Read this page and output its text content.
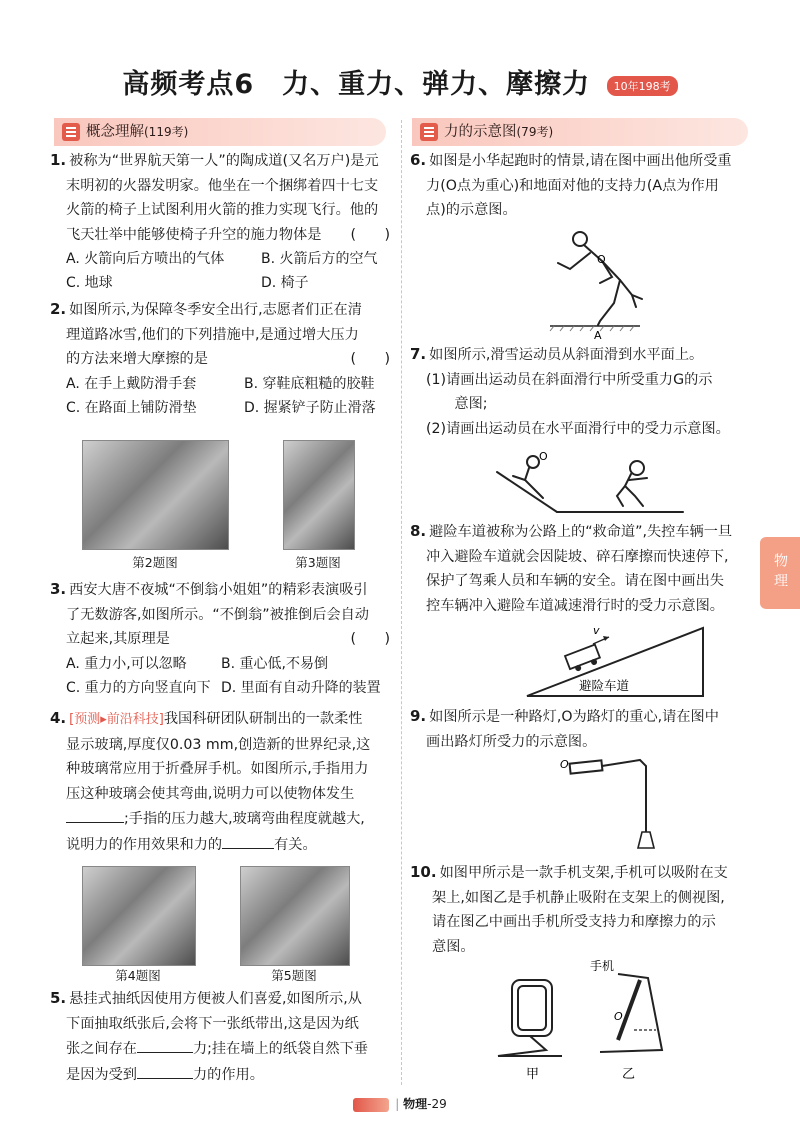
高频考点6　力、重力、弹力、摩擦力 10年198考
概念理解(119考)	力的示意图(79考)
1. 被称为“世界航天第一人”的陶成道(又名万户)是元
末明初的火器发明家。他坐在一个捆绑着四十七支
火箭的椅子上试图利用火箭的推力实现飞行。他的
飞天壮举中能够使椅子升空的施力物体是 (　　)
A. 火箭向后方喷出的气体	B. 火箭后方的空气
C. 地球	D. 椅子
2. 如图所示,为保障冬季安全出行,志愿者们正在清
理道路冰雪,他们的下列措施中,是通过增大压力
的方法来增大摩擦的是	(　　)
A. 在手上戴防滑手套	B. 穿鞋底粗糙的胶鞋
C. 在路面上铺防滑垫	D. 握紧铲子防止滑落
第2题图	第3题图
3. 西安大唐不夜城“不倒翁小姐姐”的精彩表演吸引
了无数游客,如图所示。“不倒翁”被推倒后会自动
立起来,其原理是	(　　)
A. 重力小,可以忽略	B. 重心低,不易倒
C. 重力的方向竖直向下 D. 里面有自动升降的装置
4. [预测▸前沿科技]我国科研团队研制出的一款柔性
显示玻璃,厚度仅0.03 mm,创造新的世界纪录,这
种玻璃常应用于折叠屏手机。如图所示,手指用力
压这种玻璃会使其弯曲,说明力可以使物体发生
;手指的压力越大,玻璃弯曲程度就越大,
说明力的作用效果和力的	有关。
第4题图	第5题图
5. 悬挂式抽纸因使用方便被人们喜爱,如图所示,从
下面抽取纸张后,会将下一张纸带出,这是因为纸
张之间存在	力;挂在墙上的纸袋自然下垂
是因为受到	力的作用。
6. 如图是小华起跑时的情景,请在图中画出他所受重
力(O点为重心)和地面对他的支持力(A点为作用
点)的示意图。
O
A
7. 如图所示,滑雪运动员从斜面滑到水平面上。
(1)请画出运动员在斜面滑行中所受重力G的示
　　意图;
(2)请画出运动员在水平面滑行中的受力示意图。
O
8. 避险车道被称为公路上的“救命道”,失控车辆一旦
冲入避险车道就会因陡坡、碎石摩擦而快速停下,
保护了驾乘人员和车辆的安全。请在图中画出失
控车辆冲入避险车道减速滑行时的受力示意图。
v
避险车道
9. 如图所示是一种路灯,O为路灯的重心,请在图中
画出路灯所受力的示意图。
O
10. 如图甲所示是一款手机支架,手机可以吸附在支
架上,如图乙是手机静止吸附在支架上的侧视图,
请在图乙中画出手机所受支持力和摩擦力的示
意图。
手机
O
甲	乙
物理
| 物理-29
